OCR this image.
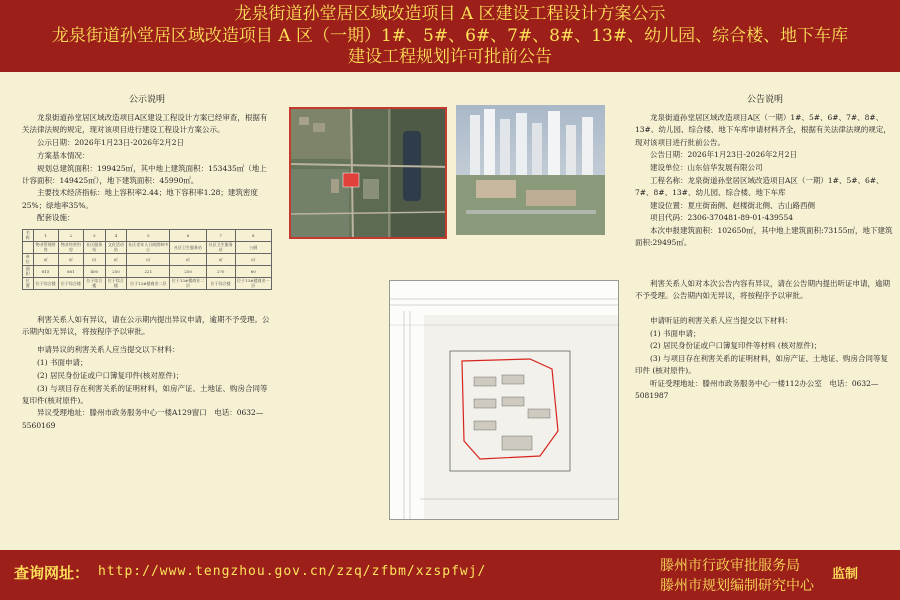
龙泉街道孙堂居区域改造项目 A 区建设工程设计方案公示
龙泉街道孙堂居区域改造项目 A 区（一期）1#、5#、6#、7#、8#、13#、幼儿园、综合楼、地下车库
建设工程规划许可批前公告
公示说明

龙泉街道孙堂居区域改造项目A区建设工程设计方案已经审查，根据有关法律法规的规定，现对该项目进行建设工程设计方案公示。

公示日期：2026年1月23日-2026年2月2日

方案基本情况：

规划总建筑面积：199425㎡，其中地上建筑面积：153435㎡（地上计容面积：149425㎡），地下建筑面积：45990㎡。

主要技术经济指标：地上容积率2.44；地下容积率1.28；建筑密度25%；绿地率35%。

配套设施：

名称	1	2	3	4	5	6	7	8
	物业管理用房	物业经营用房	社区服务站	文化活动站	社区老年人日间照料中心	社区卫生服务站	社区卫生服务站	公厕
单位	㎡	㎡	㎡	㎡	㎡	㎡	㎡	㎡
面积	815	661	400	250	221	250	270	60
位置	位于综合楼	位于综合楼	位于综合楼	位于综合楼	位于13#楼商业二层	位于13#楼商业二层	位于综合楼	位于13#楼商业一层

利害关系人如有异议，请在公示期内提出异议申请，逾期不予受理。公示期内如无异议，将按程序予以审批。

申请异议的利害关系人应当提交以下材料：

(1) 书面申请；

(2) 居民身份证或户口簿复印件(核对原件)；

(3) 与项目存在利害关系的证明材料，如房产证、土地证、购房合同等复印件(核对原件)。

异议受理地址：滕州市政务服务中心一楼A129窗口　电话：0632—5560169

公告说明

龙泉街道孙堂居区域改造项目A区（一期）1#、5#、6#、7#、8#、13#、幼儿园、综合楼、地下车库申请材料齐全，根据有关法律法规的规定，现对该项目进行批前公告。

公告日期：2026年1月23日-2026年2月2日

建设单位：山东信华发展有限公司

工程名称：龙泉街道孙堂居区域改造项目A区（一期）1#、5#、6#、7#、8#、13#、幼儿园、综合楼、地下车库

建设位置：夏庄街南侧、赵楼街北侧、古山路西侧

项目代码：2306-370481-89-01-439554

本次申报建筑面积：102650㎡，其中地上建筑面积:73155㎡，地下建筑面积:29495㎡。

利害关系人如对本次公告内容有异议，请在公告期内提出听证申请，逾期不予受理。公告期内如无异议，将按程序予以审批。

申请听证的利害关系人应当提交以下材料：

(1) 书面申请；

(2) 居民身份证或户口簿复印件等材料 (核对原件)；

(3) 与项目存在利害关系的证明材料，如房产证、土地证、购房合同等复印件 (核对原件)。

听证受理地址：滕州市政务服务中心一楼112办公室　电话：0632—5081987

查询网址： http://www.tengzhou.gov.cn/zzq/zfbm/xzspfwj/	滕州市行政审批服务局
滕州市规划编制研究中心
监制
